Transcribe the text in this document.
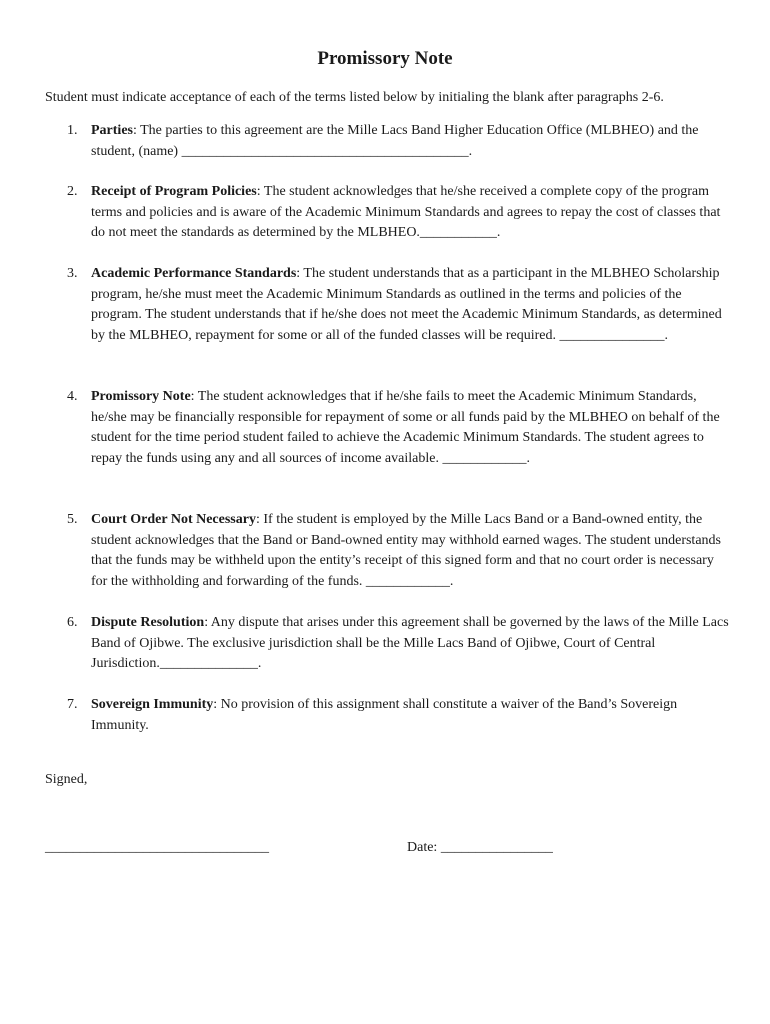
Promissory Note
Student must indicate acceptance of each of the terms listed below by initialing the blank after paragraphs 2-6.
1. Parties: The parties to this agreement are the Mille Lacs Band Higher Education Office (MLBHEO) and the student, (name) _________________________________________.
2. Receipt of Program Policies: The student acknowledges that he/she received a complete copy of the program terms and policies and is aware of the Academic Minimum Standards and agrees to repay the cost of classes that do not meet the standards as determined by the MLBHEO.___________.
3. Academic Performance Standards: The student understands that as a participant in the MLBHEO Scholarship program, he/she must meet the Academic Minimum Standards as outlined in the terms and policies of the program. The student understands that if he/she does not meet the Academic Minimum Standards, as determined by the MLBHEO, repayment for some or all of the funded classes will be required. _______________.
4. Promissory Note: The student acknowledges that if he/she fails to meet the Academic Minimum Standards, he/she may be financially responsible for repayment of some or all funds paid by the MLBHEO on behalf of the student for the time period student failed to achieve the Academic Minimum Standards. The student agrees to repay the funds using any and all sources of income available. ____________.
5. Court Order Not Necessary: If the student is employed by the Mille Lacs Band or a Band-owned entity, the student acknowledges that the Band or Band-owned entity may withhold earned wages. The student understands that the funds may be withheld upon the entity’s receipt of this signed form and that no court order is necessary for the withholding and forwarding of the funds. ____________.
6. Dispute Resolution: Any dispute that arises under this agreement shall be governed by the laws of the Mille Lacs Band of Ojibwe. The exclusive jurisdiction shall be the Mille Lacs Band of Ojibwe, Court of Central Jurisdiction.______________.
7. Sovereign Immunity: No provision of this assignment shall constitute a waiver of the Band’s Sovereign Immunity.
Signed,
________________________________	Date: ________________
